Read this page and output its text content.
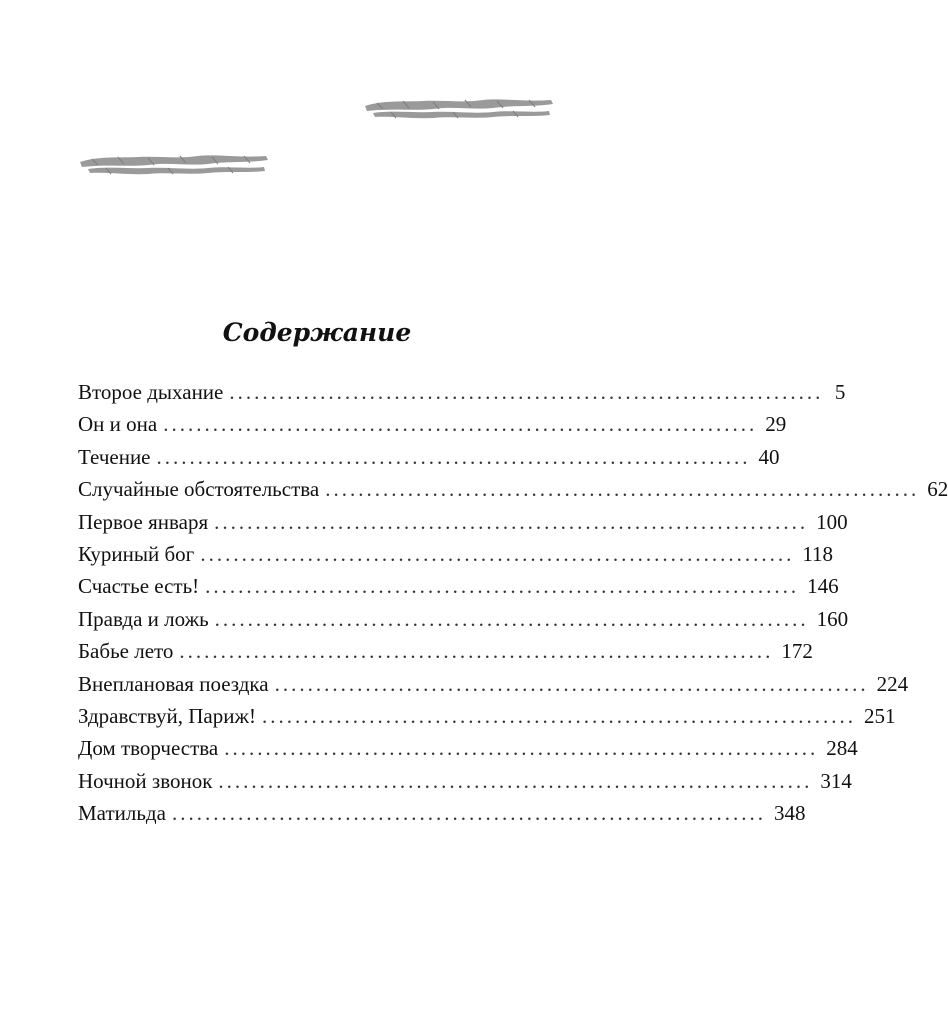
Содержание
Второе дыхание ........................................................................ 5
Он и она ........................................................................ 29
Течение ........................................................................ 40
Случайные обстоятельства ........................................................................ 62
Первое января ........................................................................ 100
Куриный бог ........................................................................ 118
Счастье есть! ........................................................................ 146
Правда и ложь ........................................................................ 160
Бабье лето ........................................................................ 172
Внеплановая поездка ........................................................................ 224
Здравствуй, Париж! ........................................................................ 251
Дом творчества ........................................................................ 284
Ночной звонок ........................................................................ 314
Матильда ........................................................................ 348
